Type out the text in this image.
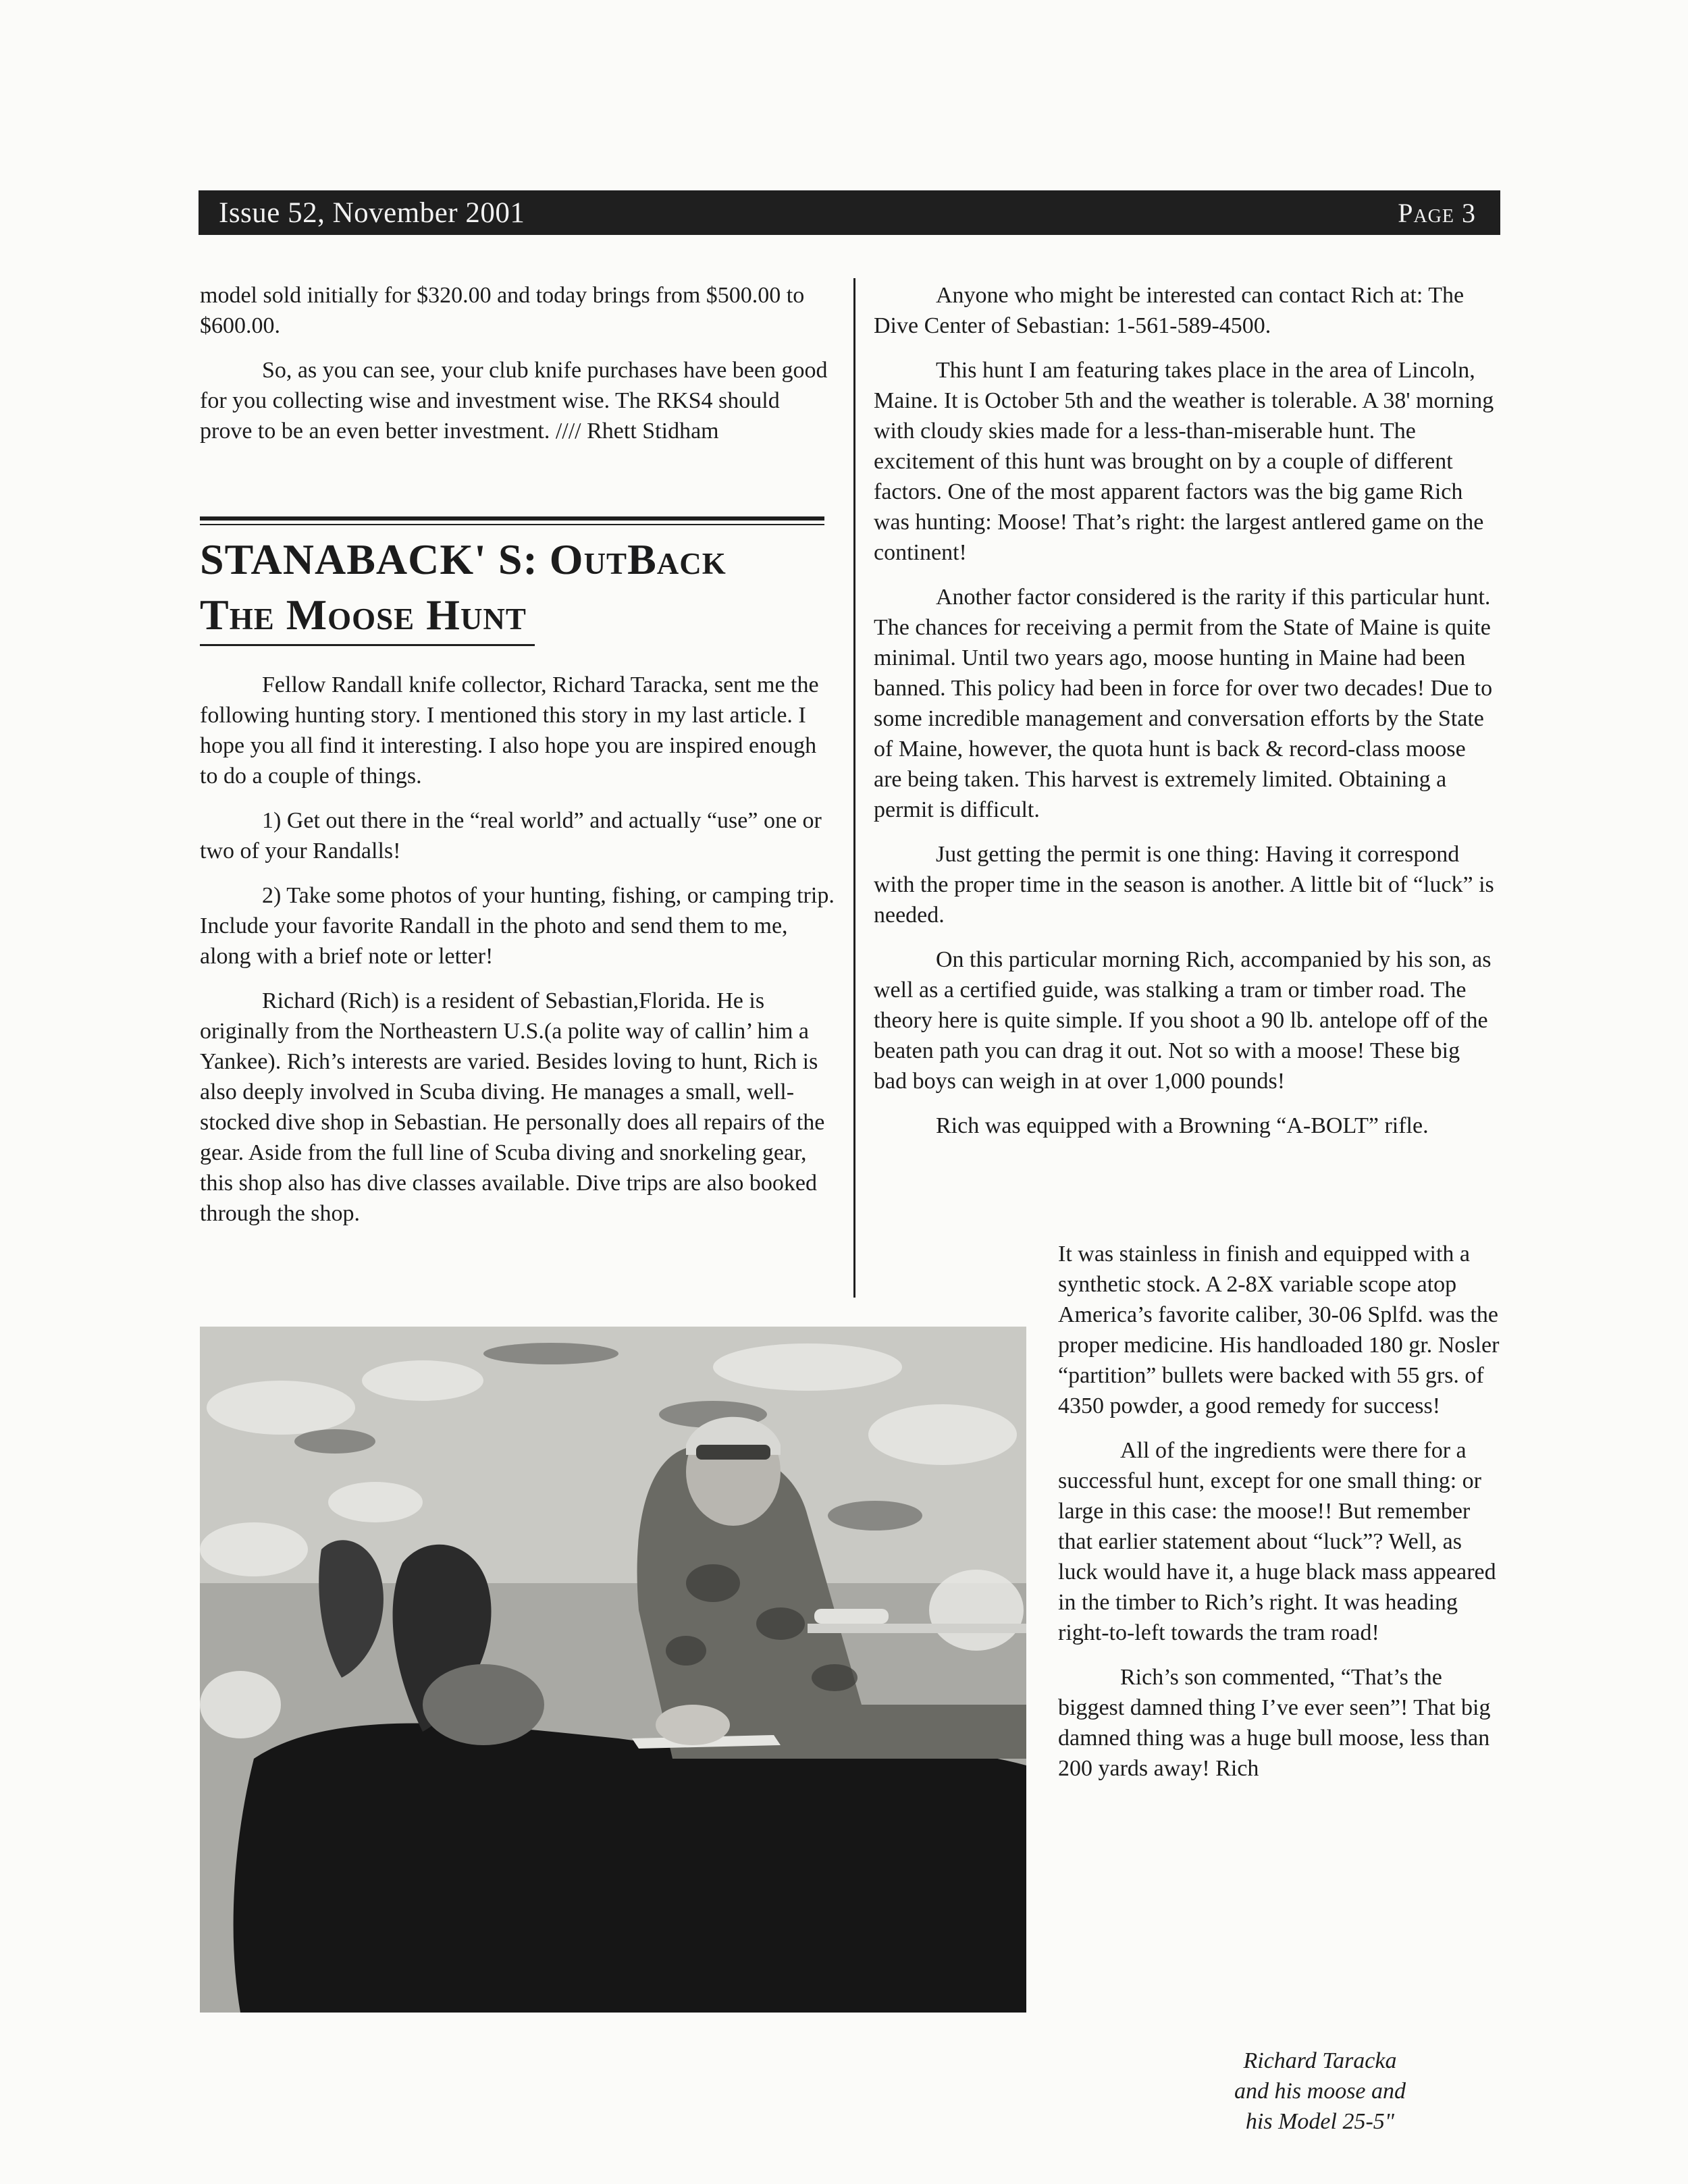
Issue 52, November 2001	Page 3

model sold initially for $320.00 and today brings from $500.00 to $600.00.

So, as you can see, your club knife purchases have been good for you collecting wise and investment wise. The RKS4 should prove to be an even better investment. //// Rhett Stidham

STANABACK' S: OutBack
The Moose Hunt

Fellow Randall knife collector, Richard Taracka, sent me the following hunting story. I mentioned this story in my last article. I hope you all find it interesting. I also hope you are inspired enough to do a couple of things.

1) Get out there in the “real world” and actually “use” one or two of your Randalls!

2) Take some photos of your hunting, fishing, or camping trip. Include your favorite Randall in the photo and send them to me, along with a brief note or letter!

Richard (Rich) is a resident of Sebastian,Florida. He is originally from the Northeastern U.S.(a polite way of callin’ him a Yankee). Rich’s interests are varied. Besides loving to hunt, Rich is also deeply involved in Scuba diving. He manages a small, well-stocked dive shop in Sebastian. He personally does all repairs of the gear. Aside from the full line of Scuba diving and snorkeling gear, this shop also has dive classes available. Dive trips are also booked through the shop.

Anyone who might be interested can contact Rich at: The Dive Center of Sebastian: 1-561-589-4500.

This hunt I am featuring takes place in the area of Lincoln, Maine. It is October 5th and the weather is tolerable. A 38' morning with cloudy skies made for a less-than-miserable hunt. The excitement of this hunt was brought on by a couple of different factors. One of the most apparent factors was the big game Rich was hunting: Moose! That’s right: the largest antlered game on the continent!

Another factor considered is the rarity if this particular hunt. The chances for receiving a permit from the State of Maine is quite minimal. Until two years ago, moose hunting in Maine had been banned. This policy had been in force for over two decades! Due to some incredible management and conversation efforts by the State of Maine, however, the quota hunt is back & record-class moose are being taken. This harvest is extremely limited. Obtaining a permit is difficult.

Just getting the permit is one thing: Having it correspond with the proper time in the season is another. A little bit of “luck” is needed.

On this particular morning Rich, accompanied by his son, as well as a certified guide, was stalking a tram or timber road. The theory here is quite simple. If you shoot a 90 lb. antelope off of the beaten path you can drag it out. Not so with a moose! These big bad boys can weigh in at over 1,000 pounds!

Rich was equipped with a Browning “A-BOLT” rifle.

It was stainless in finish and equipped with a synthetic stock. A 2-8X variable scope atop America’s favorite caliber, 30-06 Splfd. was the proper medicine. His handloaded 180 gr. Nosler “partition” bullets were backed with 55 grs. of 4350 powder, a good remedy for success!

All of the ingredients were there for a successful hunt, except for one small thing: or large in this case: the moose!! But remember that earlier statement about “luck”? Well, as luck would have it, a huge black mass appeared in the timber to Rich’s right. It was heading right-to-left towards the tram road!

Rich’s son commented, “That’s the biggest damned thing I’ve ever seen”! That big damned thing was a huge bull moose, less than 200 yards away! Rich

Richard Taracka
and his moose and
his Model 25-5"
